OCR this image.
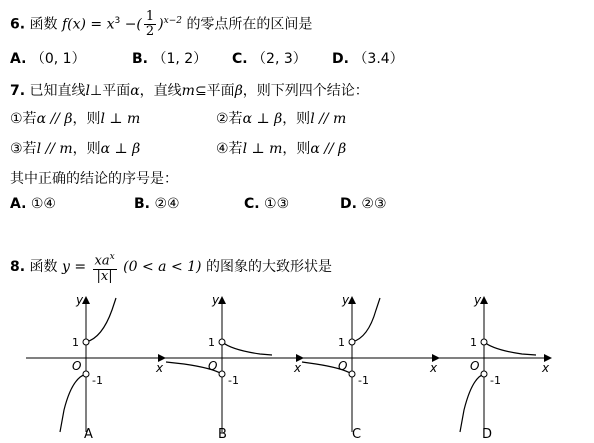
6. 函数 $f(x) = x^3$ −( $\frac{1}{2} )^{x-2}$ 的零点所在的区间是
A. （0, 1）	B. （1, 2） C. （2, 3） D. （3.4）
7. 已知直线l⊥平面α，直线m⊆平面β，则下列四个结论：
①若α // β，则l ⊥ m	②若α ⊥ β，则l // m
③若l // m，则α ⊥ β	④若l ⊥ m，则α // β
其中正确的结论的序号是：
A. ①④	B. ②④	C. ①③	D. ②③
8. 函数 $y = \frac{xa^x}{|x|} (0 < a < 1)$ 的图象的大致形状是
y
x
1
O
-1
A
y
x
1
O
-1
B
y
x
1
O
-1
C
y
x
1
O
-1
D
